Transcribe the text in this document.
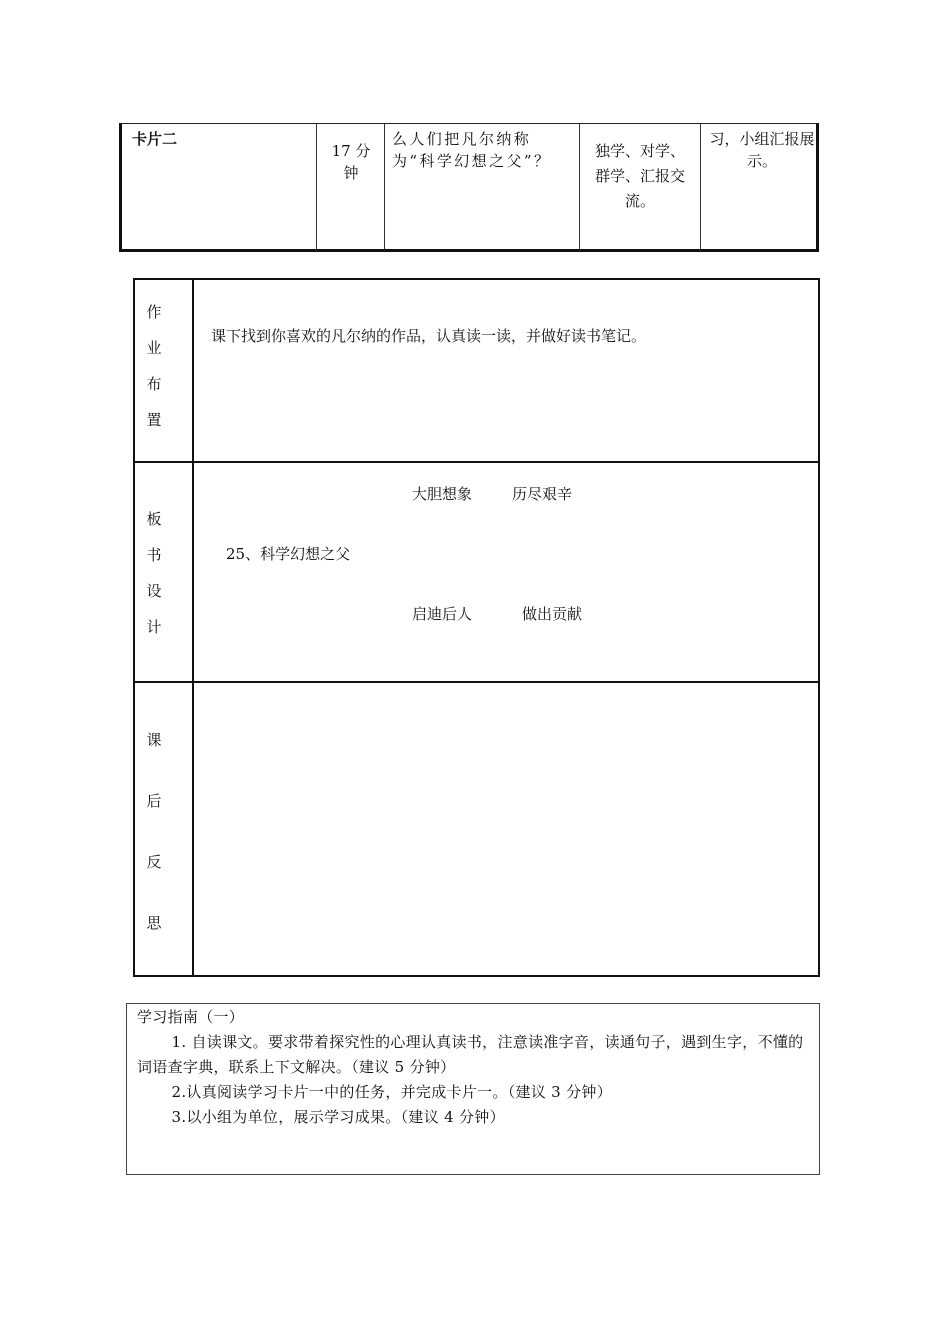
卡片二
17 分钟
么人们把凡尔纳称为“科学幻想之父”？
独学、对学、群学、汇报交流。
习，小组汇报展示。
作
业
布
置
课下找到你喜欢的凡尔纳的作品，认真读一读，并做好读书笔记。
板
书
设
计
大胆想象	历尽艰辛
25、科学幻想之父
启迪后人	做出贡献
课
后
反
思

学习指南（一）

1. 自读课文。要求带着探究性的心理认真读书，注意读准字音，读通句子，遇到生字，不懂的词语查字典，联系上下文解决。（建议 5 分钟）

2.认真阅读学习卡片一中的任务，并完成卡片一。（建议 3 分钟）

3.以小组为单位，展示学习成果。（建议 4 分钟）
